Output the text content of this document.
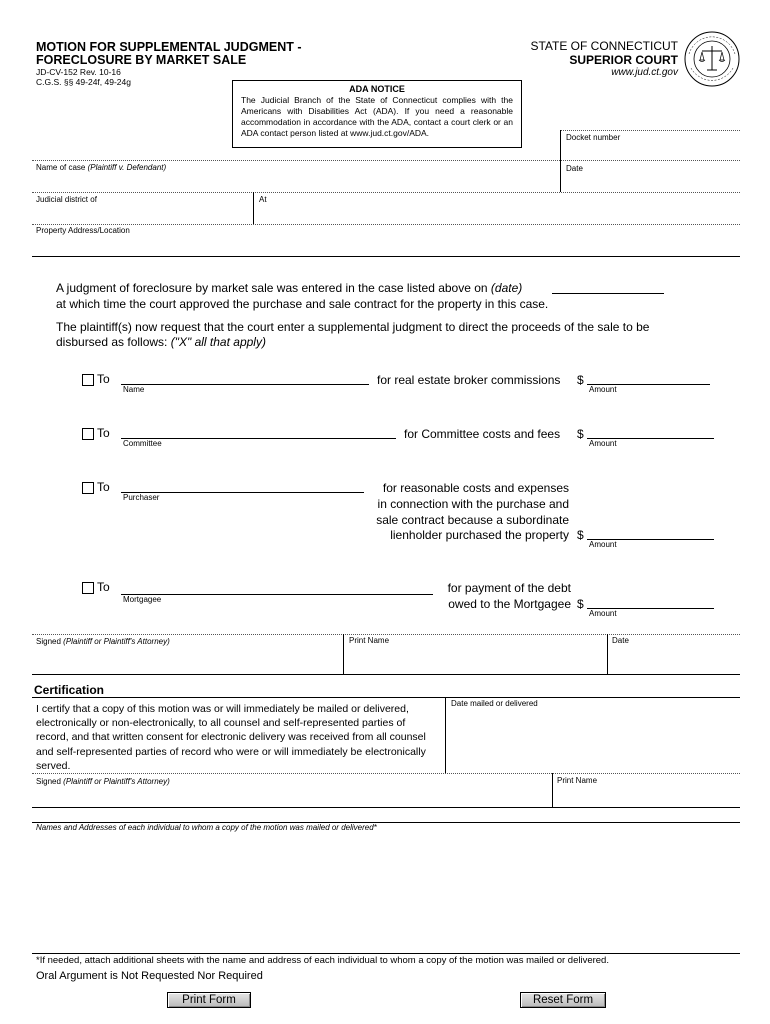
MOTION FOR SUPPLEMENTAL JUDGMENT -
FORECLOSURE BY MARKET SALE
JD-CV-152 Rev. 10-16
C.G.S. §§ 49-24f, 49-24g
STATE OF CONNECTICUT
SUPERIOR COURT
www.jud.ct.gov
ADA NOTICE
The Judicial Branch of the State of Connecticut complies with the Americans with Disabilities Act (ADA). If you need a reasonable accommodation in accordance with the ADA, contact a court clerk or an ADA contact person listed at www.jud.ct.gov/ADA.	Docket number
Name of case (Plaintiff v. Defendant)	Date
Judicial district of	At
Property Address/Location
A judgment of foreclosure by market sale was entered in the case listed above on (date)
at which time the court approved the purchase and sale contract for the property in this case.
The plaintiff(s) now request that the court enter a supplemental judgment to direct the proceeds of the sale to be
disbursed as follows: ("X" all that apply)
To
Name
for real estate broker commissions $
Amount
To
Committee
for Committee costs and fees $
Amount
To
Purchaser
for reasonable costs and expenses
in connection with the purchase and
sale contract because a subordinate
lienholder purchased the property $
Amount
To
Mortgagee
for payment of the debt
owed to the Mortgagee $
Amount
Signed (Plaintiff or Plaintiff's Attorney)	Print Name	Date
Certification
I certify that a copy of this motion was or will immediately be mailed or delivered, electronically or non-electronically, to all counsel and self-represented parties of record, and that written consent for electronic delivery was received from all counsel and self-represented parties of record who were or will immediately be electronically served.
Date mailed or delivered
Signed (Plaintiff or Plaintiff's Attorney)	Print Name
Names and Addresses of each individual to whom a copy of the motion was mailed or delivered*
*If needed, attach additional sheets with the name and address of each individual to whom a copy of the motion was mailed or delivered.
Oral Argument is Not Requested Nor Required
Print Form	Reset Form
